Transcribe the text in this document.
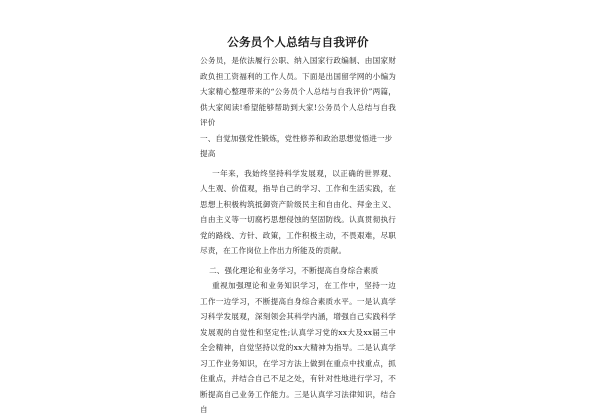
公务员个人总结与自我评价

公务员，是依法履行公职、纳入国家行政编制、由国家财政负担工资福利的工作人员。下面是出国留学网的小编为大家精心整理带来的“公务员个人总结与自我评价”两篇，供大家阅读!希望能够帮助到大家!公务员个人总结与自我评价

一、自觉加强党性锻炼，党性修养和政治思想觉悟进一步提高

一年来，我始终坚持科学发展观，以正确的世界观、人生观、价值观，指导自己的学习、工作和生活实践，在思想上积极构筑抵御资产阶级民主和自由化、拜金主义、自由主义等一切腐朽思想侵蚀的坚固防线。认真贯彻执行党的路线、方针、政策，工作积极主动，不畏艰难，尽职尽责，在工作岗位上作出力所能及的贡献。

二、强化理论和业务学习，不断提高自身综合素质

重视加强理论和业务知识学习，在工作中，坚持一边工作一边学习，不断提高自身综合素质水平。一是认真学习科学发展观，深刻领会其科学内涵，增强自己实践科学发展观的自觉性和坚定性;认真学习党的xx大及xx届三中全会精神，自觉坚持以党的xx大精神为指导。二是认真学习工作业务知识，在学习方法上做到在重点中找重点，抓住重点，并结合自己不足之处，有针对性地进行学习，不断提高自己业务工作能力。三是认真学习法律知识，结合自
